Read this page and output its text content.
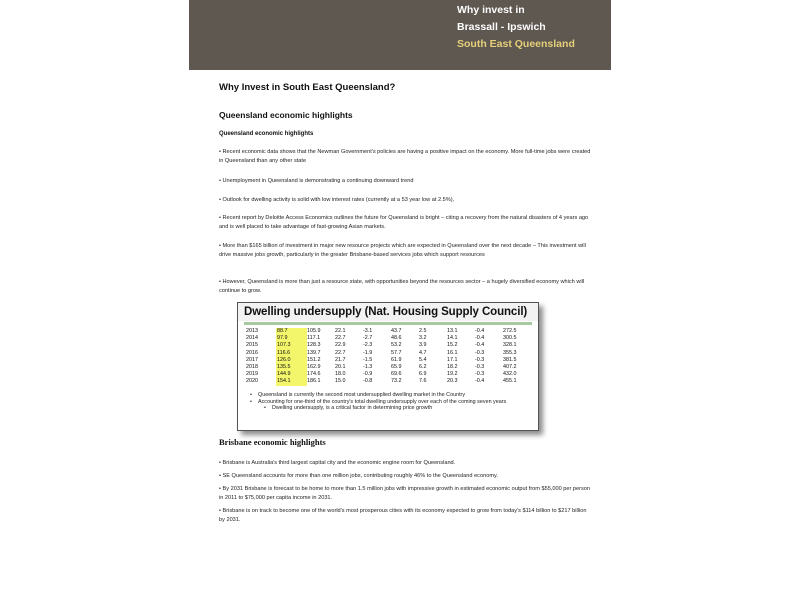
Why invest in
Brassall - Ipswich
South East Queensland
Why Invest in South East Queensland?
Queensland economic highlights
Queensland economic highlights
• Recent economic data shows that the Newman Government's policies are having a positive impact on the economy. More full-time jobs were created in Queensland than any other state
• Unemployment in Queensland is demonstrating a continuing downward trend
• Outlook for dwelling activity is solid with low interest rates (currently at a 53 year low at 2.5%),
• Recent report by Deloitte Access Economics outlines the future for Queensland is bright – citing a recovery from the natural disasters of 4 years ago and is well placed to take advantage of fast-growing Asian markets.
• More than $165 billion of investment in major new resource projects which are expected in Queensland over the next decade – This investment will drive massive jobs growth, particularly in the greater Brisbane-based services jobs which support resources
• However, Queensland is more than just a resource state, with opportunities beyond the resources sector – a hugely diversified economy which will continue to grow.
Dwelling undersupply (Nat. Housing Supply Council)
2013	88.7	105.9	22.1	-3.1	43.7	2.5	13.1	-0.4	272.5
2014	97.9	117.1	22.7	-2.7	48.6	3.2	14.1	-0.4	300.5
2015	107.3	128.3	22.9	-2.3	53.2	3.9	15.2	-0.4	328.1
2016	116.6	139.7	22.7	-1.9	57.7	4.7	16.1	-0.3	355.3
2017	126.0	151.2	21.7	-1.5	61.9	5.4	17.1	-0.3	381.5
2018	135.5	162.9	20.1	-1.3	65.9	6.2	18.2	-0.3	407.2
2019	144.9	174.6	18.0	-0.9	69.6	6.9	19.2	-0.3	432.0
2020	154.1	186.1	15.0	-0.8	73.2	7.6	20.3	-0.4	455.1
• Queensland is currently the second most undersupplied dwelling market in the Country
• Accounting for one-third of the country's total dwelling undersupply over each of the coming seven years
• Dwelling undersupply, is a critical factor in determining price growth
Brisbane economic highlights
• Brisbane is Australia's third largest capital city and the economic engine room for Queensland.
• SE Queensland accounts for more than one million jobs, contributing roughly 46% to the Queensland economy.
• By 2031 Brisbane is forecast to be home to more than 1.5 million jobs with impressive growth in estimated economic output from $55,000 per person in 2011 to $75,000 per capita income in 2031.
• Brisbane is on track to become one of the world's most prosperous cities with its economy expected to grow from today's $114 billion to $217 billion by 2031.
